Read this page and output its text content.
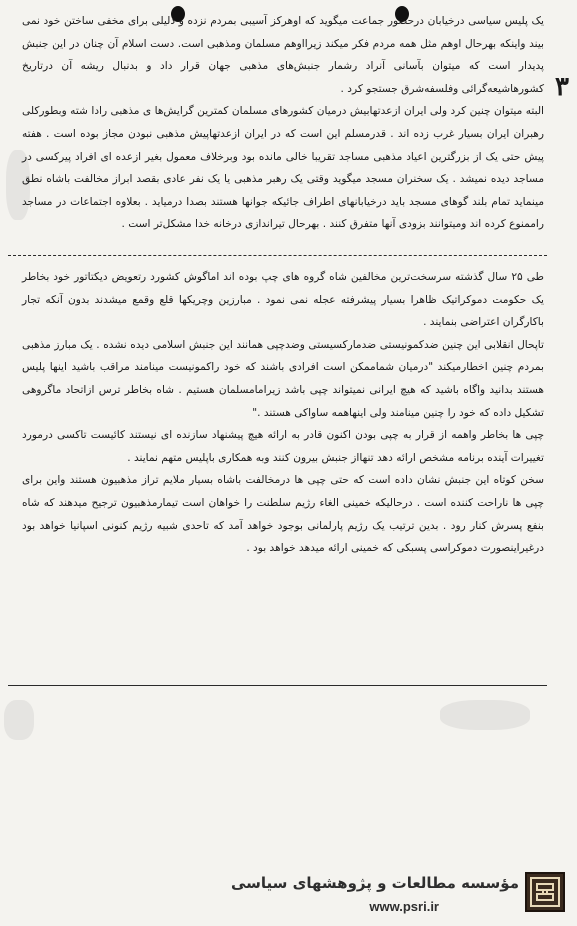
۳

یک پلیس سیاسی درخیابان درحضور جماعت میگوید که اوهرکز آسیبی بمردم نزده و دلیلی برای مخفی ساختن خود نمی بیند واینکه بهرحال اوهم مثل همه مردم فکر میکند زیرااوهم مسلمان ومذهبی است. دست اسلام آن چنان در این جنبش پدیدار است که میتوان بآسانی آنراد رشمار جنبش‌های مذهبی جهان قرار داد و بدنبال ریشه آن درتاریخ کشورهاشیعه‌گرائی وفلسفه‌شرق جستجو کرد .

البته میتوان چنین کرد ولی ایران ازعدتهابیش درمیان کشورهای مسلمان کمترین گرایش‌ها ی مذهبی رادا شته وبطورکلی رهبران ایران بسیار غرب زده اند . قدرمسلم این است که در ایران ازعدتهاپیش مذهبی نبودن مجاز بوده است . هفته پیش حتی یک از بزرگترین اعیاد مذهبی مساجد تقریبا خالی مانده بود وبرخلاف معمول بغیر ازعده ای افراد پیرکسی در مساجد دیده نمیشد . یک سخنران مسجد میگوید وقتی یک رهبر مذهبی یا یک نفر عادی بقصد ابراز مخالفت باشاه نطق مینماید تمام بلند گوهای مسجد باید درخیابانهای اطراف جائیکه جوانها هستند بصدا درمیاید . بعلاوه اجتماعات در مساجد راممنوع کرده اند ومیتوانند بزودی آنها متفرق کنند . بهرحال تیراندازی درخانه خدا مشکل‌تر است .

طی ۲۵ سال گذشته سرسخت‌ترین مخالفین شاه گروه های چپ بوده اند اماگوش کشورد رتعویض دیکتاتور خود بخاطر یک حکومت دموکراتیک ظاهرا بسیار پیشرفته عجله نمی نمود . مبارزین وچریکها قلع وقمع میشدند بدون آنکه تجار باکارگران اعتراضی بنمایند .

تاپحال انقلابی این چنین ضدکمونیستی ضدمارکسیستی وضدچپی همانند این جنبش اسلامی دیده نشده . یک مبارز مذهبی بمردم چنین اخطارمیکند "درمیان شماممکن است افرادی باشند که خود راکمونیست مینامند مراقب باشید اینها پلیس هستند بدانید واگاه باشید که هیچ ایرانی نمیتواند چپی باشد زیرامامسلمان هستیم . شاه بخاطر ترس ازاتحاد ماگروهی تشکیل داده که خود را چنین مینامند ولی اینهاهمه ساواکی هستند ."

چپی ها بخاطر واهمه از قرار به چپی بودن اکنون قادر به ارائه هیچ پیشنهاد سازنده ای نیستند کائیست تاکسی درمورد تغییرات آینده برنامه مشخص ارائه دهد تنهااز جنبش بیرون کنند وبه همکاری باپلیس متهم نمایند .

سخن کوتاه این جنبش نشان داده است که حتی چپی ها درمخالفت باشاه بسیار ملایم تراز مذهبیون هستند واین برای چپی ها ناراحت کننده است . درحالیکه خمینی الغاء رژیم سلطنت را خواهان است تیمارمذهبیون ترجیح میدهند که شاه بنفع پسرش کنار رود . بدین ترتیب یک رژیم پارلمانی بوجود خواهد آمد که تاحدی شبیه رژیم کنونی اسپانیا خواهد بود درغیراینصورت دموکراسی پسبکی که خمینی ارائه میدهد خواهد بود .

مؤسسه مطالعات و پژوهشهای سیاسی
www.psri.ir
